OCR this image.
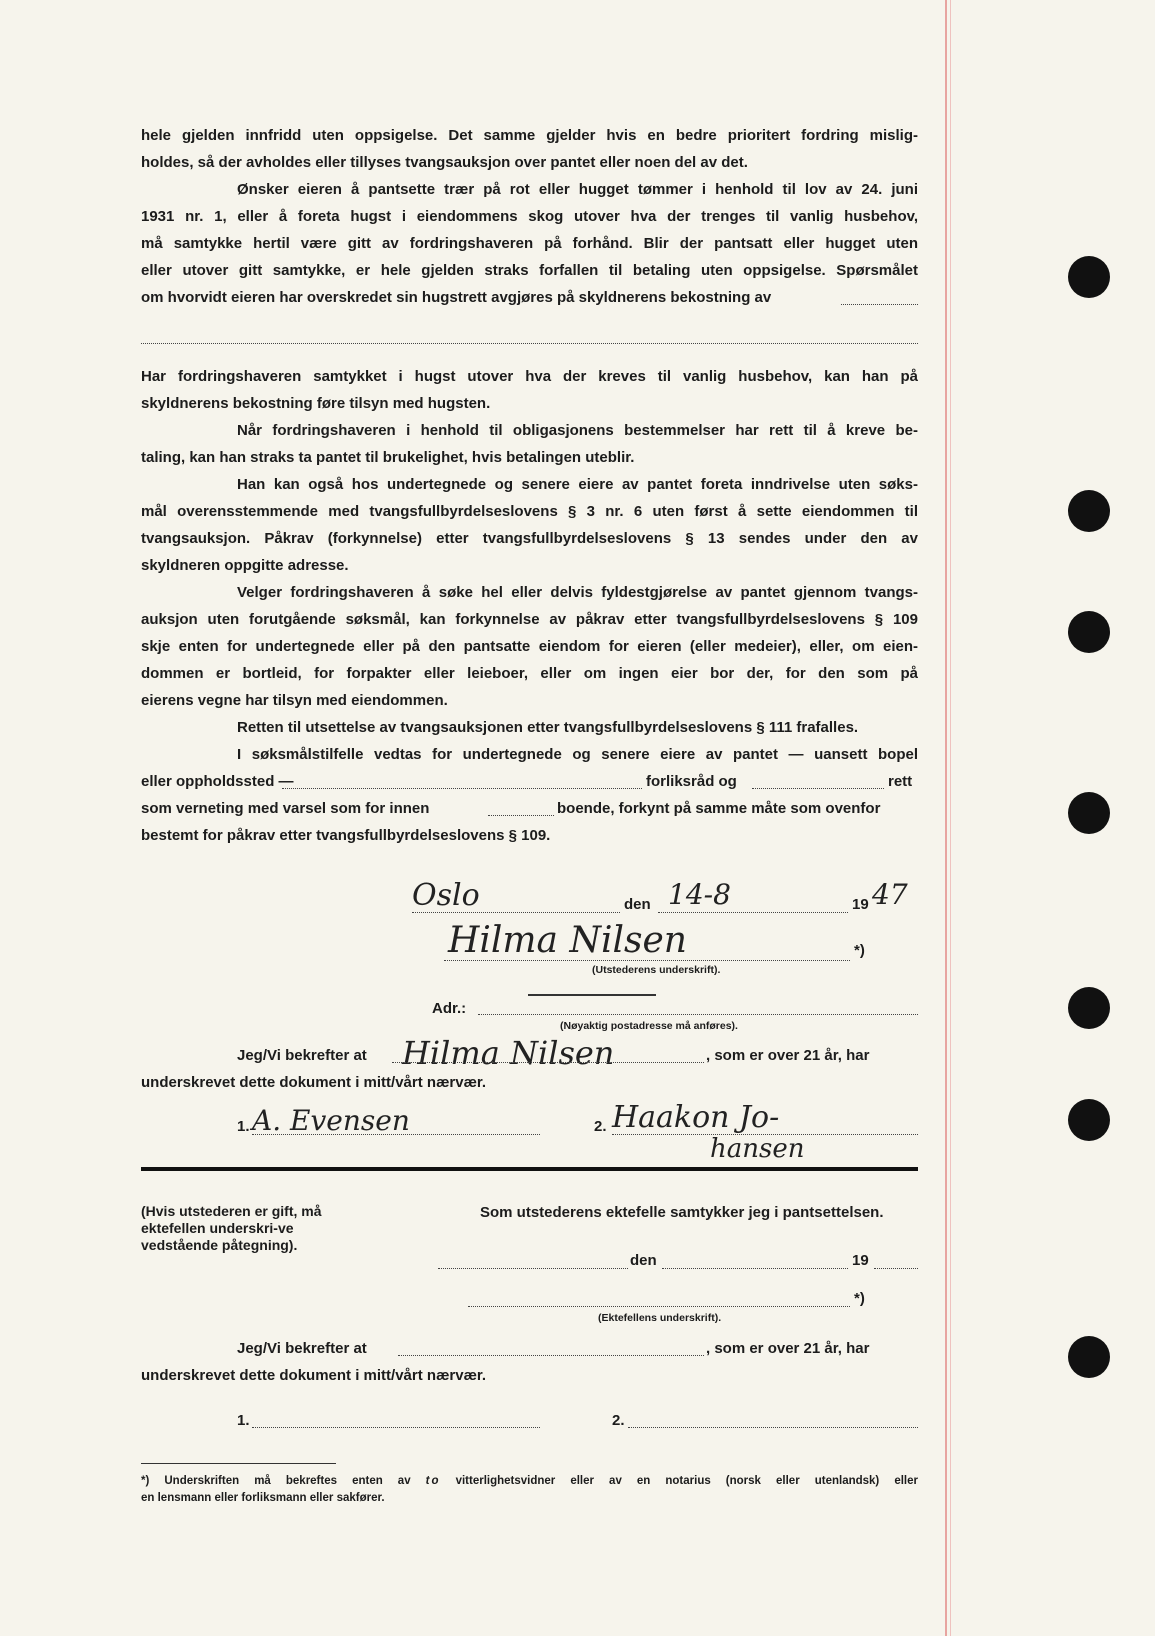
hele gjelden innfridd uten oppsigelse. Det samme gjelder hvis en bedre prioritert fordring mislig-
holdes, så der avholdes eller tillyses tvangsauksjon over pantet eller noen del av det.
Ønsker eieren å pantsette trær på rot eller hugget tømmer i henhold til lov av 24. juni
1931 nr. 1, eller å foreta hugst i eiendommens skog utover hva der trenges til vanlig husbehov,
må samtykke hertil være gitt av fordringshaveren på forhånd. Blir der pantsatt eller hugget uten
eller utover gitt samtykke, er hele gjelden straks forfallen til betaling uten oppsigelse. Spørsmålet
om hvorvidt eieren har overskredet sin hugstrett avgjøres på skyldnerens bekostning av
Har fordringshaveren samtykket i hugst utover hva der kreves til vanlig husbehov, kan han på
skyldnerens bekostning føre tilsyn med hugsten.
Når fordringshaveren i henhold til obligasjonens bestemmelser har rett til å kreve be-
taling, kan han straks ta pantet til brukelighet, hvis betalingen uteblir.
Han kan også hos undertegnede og senere eiere av pantet foreta inndrivelse uten søks-
mål overensstemmende med tvangsfullbyrdelseslovens § 3 nr. 6 uten først å sette eiendommen til
tvangsauksjon. Påkrav (forkynnelse) etter tvangsfullbyrdelseslovens § 13 sendes under den av
skyldneren oppgitte adresse.
Velger fordringshaveren å søke hel eller delvis fyldestgjørelse av pantet gjennom tvangs-
auksjon uten forutgående søksmål, kan forkynnelse av påkrav etter tvangsfullbyrdelseslovens § 109
skje enten for undertegnede eller på den pantsatte eiendom for eieren (eller medeier), eller, om eien-
dommen er bortleid, for forpakter eller leieboer, eller om ingen eier bor der, for den som på
eierens vegne har tilsyn med eiendommen.
Retten til utsettelse av tvangsauksjonen etter tvangsfullbyrdelseslovens § 111 frafalles.
I søksmålstilfelle vedtas for undertegnede og senere eiere av pantet — uansett bopel
eller oppholdssted —	forliksråd og	rett
som verneting med varsel som for innen	boende, forkynt på samme måte som ovenfor
bestemt for påkrav etter tvangsfullbyrdelseslovens § 109.
Oslo	den 14-8	19 47
Hilma Nilsen	*)
(Utstederens underskrift).
Adr.:
(Nøyaktig postadresse må anføres).
Jeg/Vi bekrefter at Hilma Nilsen	, som er over 21 år, har
underskrevet dette dokument i mitt/vårt nærvær.
1. A. Evensen	2. Haakon Jo-
hansen
(Hvis utstederen er gift, må ektefellen underskri-ve vedstående påtegning).
Som utstederens ektefelle samtykker jeg i pantsettelsen.
den	19
*)
(Ektefellens underskrift).
Jeg/Vi bekrefter at	, som er over 21 år, har
underskrevet dette dokument i mitt/vårt nærvær.
1.	2.
*) Underskriften må bekreftes enten av to vitterlighetsvidner eller av en notarius (norsk eller utenlandsk) eller
en lensmann eller forliksmann eller sakfører.
